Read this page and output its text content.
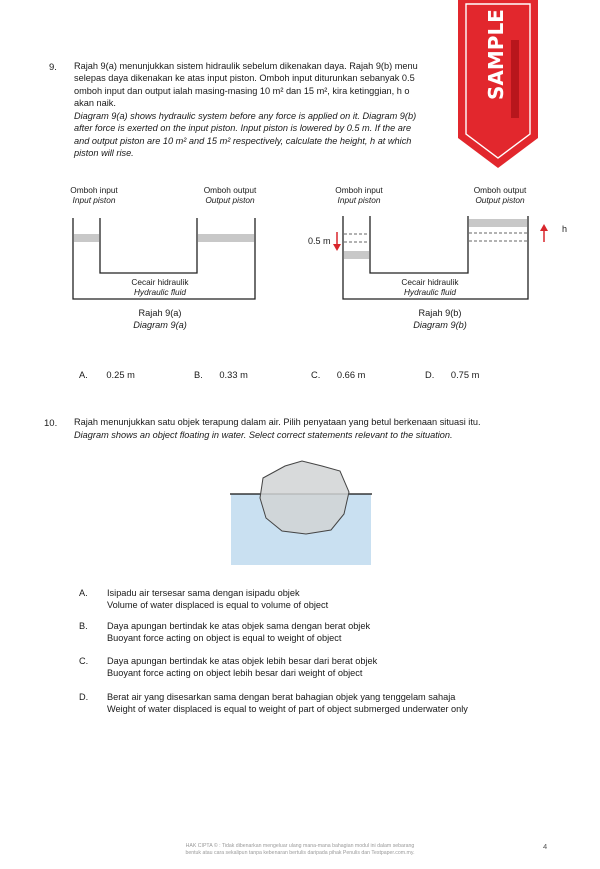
9. Rajah 9(a) menunjukkan sistem hidraulik sebelum dikenakan daya. Rajah 9(b) menu
selepas daya dikenakan ke atas input piston. Omboh input diturunkan sebanyak 0.5
omboh input dan output ialah masing-masing 10 m² dan 15 m², kira ketinggian, h o
akan naik.
Diagram 9(a) shows hydraulic system before any force is applied on it. Diagram 9(b)
after force is exerted on the input piston. Input piston is lowered by 0.5 m. If the are
and output piston are 10 m² and 15 m² respectively, calculate the height, h at which
piston will rise.
Omboh input
Input piston
Omboh output
Output piston
Cecair hidraulik
Hydraulic fluid
Rajah 9(a)
Diagram 9(a)
Omboh input
Input piston
Omboh output
Output piston
0.5 m
h
Cecair hidraulik
Hydraulic fluid
Rajah 9(b)
Diagram 9(b)
A. 0.25 m	B. 0.33 m	C. 0.66 m	D. 0.75 m
10. Rajah menunjukkan satu objek terapung dalam air. Pilih penyataan yang betul berkenaan situasi itu.
Diagram shows an object floating in water. Select correct statements relevant to the situation.
A. Isipadu air tersesar sama dengan isipadu objek
Volume of water displaced is equal to volume of object
B. Daya apungan bertindak ke atas objek sama dengan berat objek
Buoyant force acting on object is equal to weight of object
C. Daya apungan bertindak ke atas objek lebih besar dari berat objek
Buoyant force acting on object lebih besar dari weight of object
D. Berat air yang disesarkan sama dengan berat bahagian objek yang tenggelam sahaja
Weight of water displaced is equal to weight of part of object submerged underwater only
SAMPLE
HAK CIPTA © : Tidak dibenarkan mengeluar ulang mana-mana bahagian modul ini dalam sebarang
bentuk atau cara sekalipun tanpa kebenaran bertulis daripada pihak Penulis dan Testpaper.com.my.
4
